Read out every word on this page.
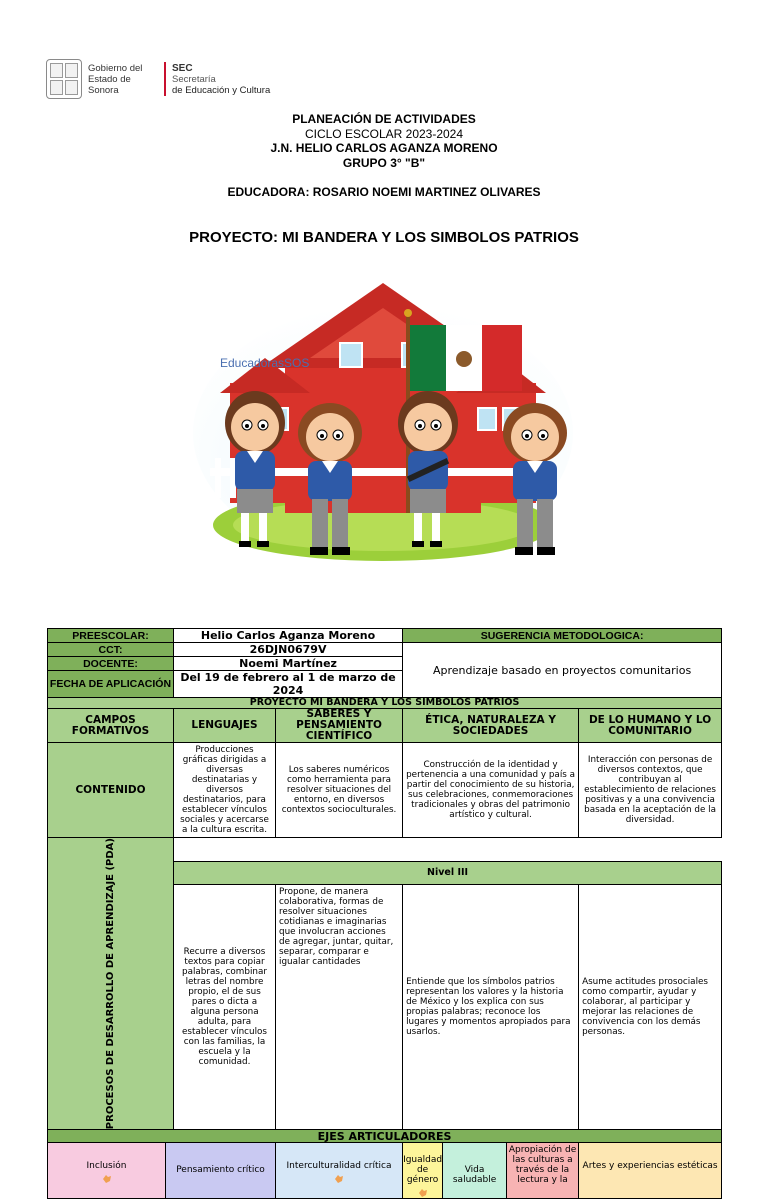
Gobierno del
Estado de Sonora
SEC
Secretaría
de Educación y Cultura
PLANEACIÓN DE ACTIVIDADES
CICLO ESCOLAR 2023-2024
J.N. HELIO CARLOS AGANZA MORENO
GRUPO 3° "B"
EDUCADORA: ROSARIO NOEMI MARTINEZ OLIVARES
PROYECTO: MI BANDERA Y LOS SIMBOLOS PATRIOS
EducadorasSOS
PREESCOLAR:		Helio Carlos Aganza Moreno		SUGERENCIA METODOLOGICA:			
CCT:		26DJN0679V		Aprendizaje basado en proyectos comunitarios			
DOCENTE:		Noemi Martínez					
FECHA DE APLICACIÓN		Del 19 de febrero al 1 de marzo de 2024					
PROYECTO MI BANDERA Y LOS SIMBOLOS PATRIOS							
CAMPOS FORMATIVOS		LENGUAJES	SABERES Y PENSAMIENTO CIENTÍFICO	ÉTICA, NATURALEZA Y SOCIEDADES			DE LO HUMANO Y LO COMUNITARIO
CONTENIDO		Producciones gráficas dirigidas a diversas destinatarias y diversos destinatarios, para establecer vínculos sociales y acercarse a la cultura escrita.	Los saberes numéricos como herramienta para resolver situaciones del entorno, en diversos contextos socioculturales.	Construcción de la identidad y pertenencia a una comunidad y país a partir del conocimiento de su historia, sus celebraciones, conmemoraciones tradicionales y obras del patrimonio artístico y cultural.			Interacción con personas de diversos contextos, que contribuyan al establecimiento de relaciones positivas y a una convivencia basada en la aceptación de la diversidad.

PROCESOS DE DESARROLLO DE APRENDIZAJE (PDA)							

		Nivel III					
		Recurre a diversos textos para copiar palabras, combinar letras del nombre propio, el de sus pares o dicta a alguna persona adulta, para establecer vínculos con las familias, la escuela y la comunidad.	Propone, de manera colaborativa, formas de resolver situaciones cotidianas e imaginarias que involucran acciones de agregar, juntar, quitar, separar, comparar e igualar cantidades	Entiende que los símbolos patrios representan los valores y la historia de México y los explica con sus propias palabras; reconoce los lugares y momentos apropiados para usarlos.			Asume actitudes prosociales como compartir, ayudar y colaborar, al participar y mejorar las relaciones de convivencia con los demás personas.
EJES ARTICULADORES							
Inclusión	Pensamiento crítico		Interculturalidad crítica	Igualdad de género	Vida saludable	Apropiación de las culturas a través de la lectura y la	Artes y experiencias estéticas
